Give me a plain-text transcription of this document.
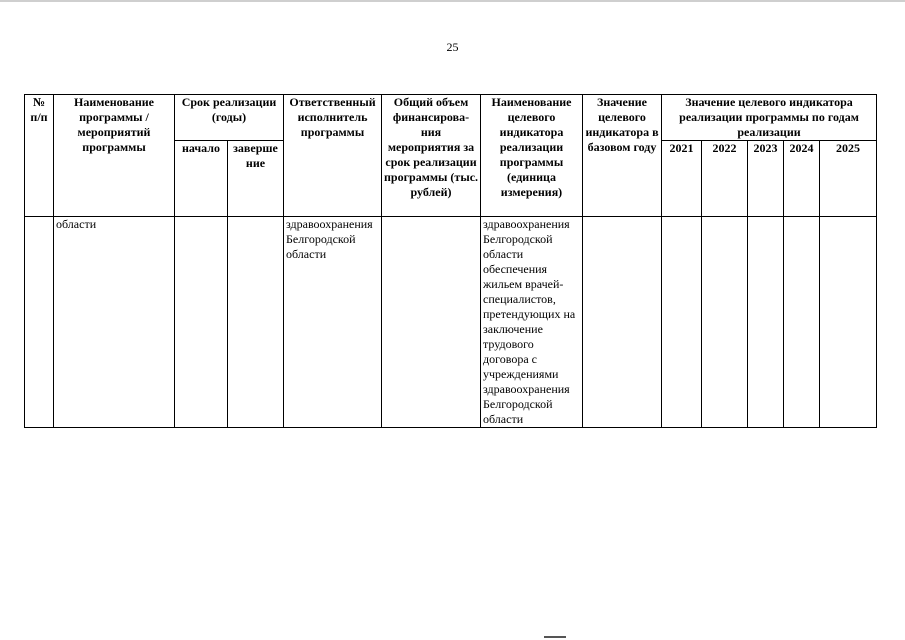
25
№ п/п	Наименование программы / мероприятий программы	Срок реализации (годы)		Ответственный исполнитель программы	Общий объем финансирова-ния мероприятия за срок реализации программы (тыс. рублей)	Наименование целевого индикатора реализации программы (единица измерения)	Значение целевого индикатора в базовом году	Значение целевого индикатора реализации программы по годам реализации				
		начало	заверше ние					2021	2022	2023	2024	2025
	области			здравоохранения Белгородской области		здравоохранения Белгородской области обеспечения жильем врачей-специалистов, претендующих на заключение трудового договора с учреждениями здравоохранения Белгородской области						
